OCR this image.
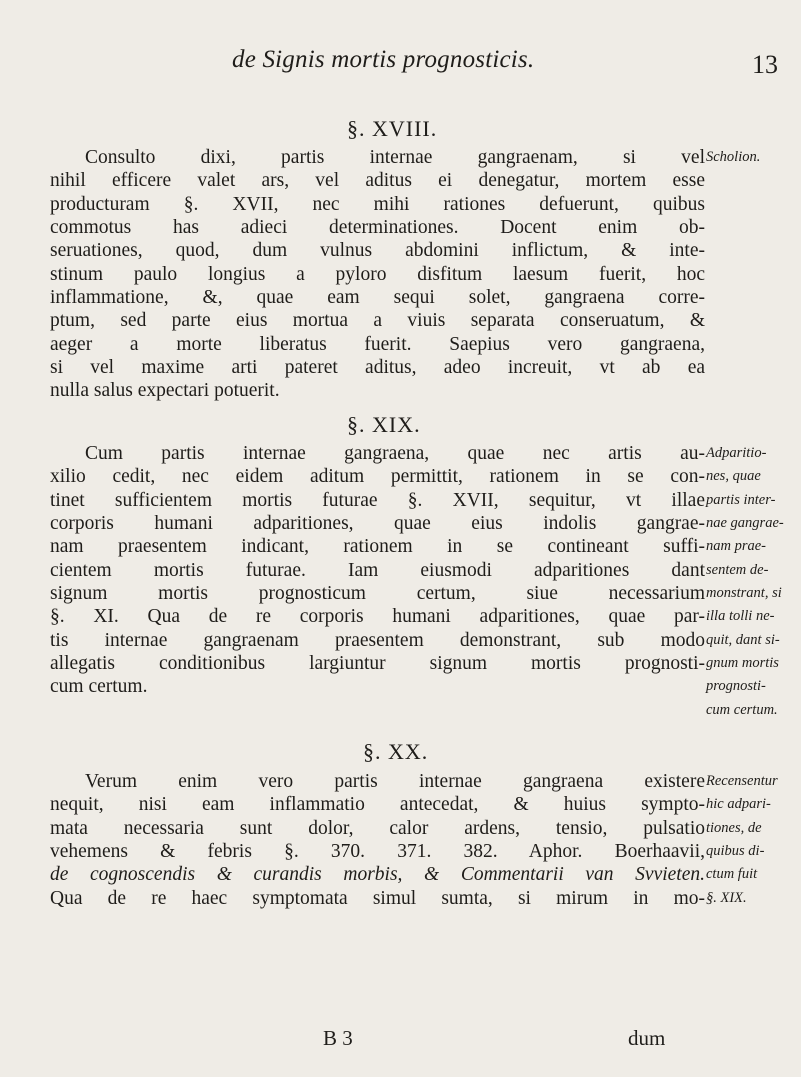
de Signis mortis prognosticis.	13
§. XVIII.
Consulto dixi, partis internae gangraenam, si vel
nihil efficere valet ars, vel aditus ei denegatur, mortem esse
producturam §. XVII, nec mihi rationes defuerunt, quibus
commotus has adieci determinationes. Docent enim ob-
seruationes, quod, dum vulnus abdomini inflictum, & inte-
stinum paulo longius a pyloro disfitum laesum fuerit, hoc
inflammatione, &, quae eam sequi solet, gangraena corre-
ptum, sed parte eius mortua a viuis separata conseruatum, &
aeger a morte liberatus fuerit. Saepius vero gangraena,
si vel maxime arti pateret aditus, adeo increuit, vt ab ea
nulla salus expectari potuerit.
Scholion.
§. XIX.
Cum partis internae gangraena, quae nec artis au-
xilio cedit, nec eidem aditum permittit, rationem in se con-
tinet sufficientem mortis futurae §. XVII, sequitur, vt illae
corporis humani adparitiones, quae eius indolis gangrae-
nam praesentem indicant, rationem in se contineant suffi-
cientem mortis futurae. Iam eiusmodi adparitiones dant
signum mortis prognosticum certum, siue necessarium
§. XI. Qua de re corporis humani adparitiones, quae par-
tis internae gangraenam praesentem demonstrant, sub modo
allegatis conditionibus largiuntur signum mortis prognosti-
cum certum.
Adparitio-
nes, quae
partis inter-
nae gangrae-
nam prae-
sentem de-
monstrant, si
illa tolli ne-
quit, dant si-
gnum mortis
prognosti-
cum certum.
§. XX.
Verum enim vero partis internae gangraena existere
nequit, nisi eam inflammatio antecedat, & huius sympto-
mata necessaria sunt dolor, calor ardens, tensio, pulsatio
vehemens & febris §. 370. 371. 382. Aphor. Boerhaavii,
de cognoscendis & curandis morbis, & Commentarii van Svvieten.
Qua de re haec symptomata simul sumta, si mirum in mo-
Recensentur
hic adpari-
tiones, de
quibus di-
ctum fuit
§. XIX.
B 3	dum
